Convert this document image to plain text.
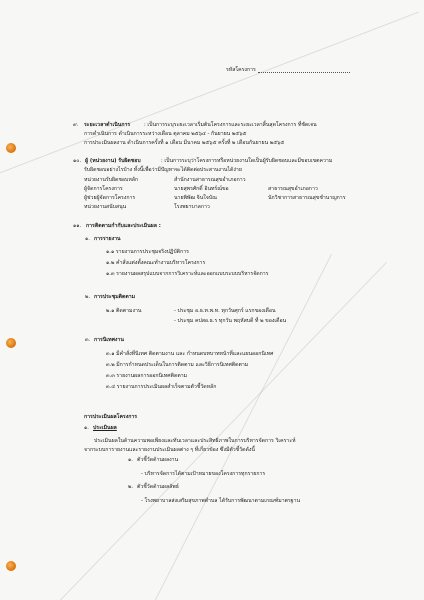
รหัสโครงการ
๙. ระยะเวลาดำเนินการ	: เป็นการระบุระยะเวลาเริ่มต้นโครงการและระยะเวลาสิ้นสุดโครงการ ที่ชัดเจน
การดำเนินการ ดำเนินการระหว่างเดือน ตุลาคม ๒๕๖๔ - กันยายน ๒๕๖๕
การประเมินผลงาน ดำเนินการครั้งที่ ๑ เดือน มีนาคม ๒๕๖๕ ครั้งที่ ๒ เดือนกันยายน ๒๕๖๕
๑๐. ผู้ (หน่วยงาน) รับผิดชอบ	: เป็นการระบุว่าโครงการหรือหน่วยงานใดเป็นผู้รับผิดชอบและมีขอบเขตความ
รับผิดชอบอย่างไรบ้าง ทั้งนี้เพื่อว่ามีปัญหาจะได้ติดต่อประสานงานได้ง่าย
หน่วยงานรับผิดชอบหลัก	สำนักงานสาธารณสุขอำเภอกาว
ผู้จัดการโครงการ	นายสุพรศักดิ์ อินทร์ณ์ขอ	สาธารณสุขอำเภอกาว
ผู้ช่วยผู้จัดการโครงการ	นายพิพัฒ จินใจบัณ	นักวิชาการสาธารณสุขชำนาญการ
หน่วยงานสนับสนุน	โรงพยาบาลกาว
๑๑. การติดตามกำกับและประเมินผล :
๑. การรายงาน
๑.๑ รายงานการประชุมจริงปฏิบัติการ
๑.๒ คำสั่งแต่งตั้งคณะทำงานบริหารโครงการ
๑.๓ รายงานผลสรุปแบบจากการวิเคราะห์และออกแบบระบบบริหารจัดการ
๒. การประชุมติดตาม
๒.๑ ติดตามงาน	- ประชุม อ.ธ.ท.พ.ท. ทุกวันศุกร์ แรกของเดือน
- ประชุม คปสอ.ธ.ร ทุกวัน พฤหัสบดี ที่ ๒ ของเดือน
๓. การนิเทศงาน
๓.๑ มีคำสั่งที่นิเทศ ติดตามงาน และ กำหนดบทบาทหน้าที่และแผนออกนิเทศ
๓.๒ มีการกำหนดประเด็นในการติดตาม และวิธีการนิเทศติดตาม
๓.๓ รายงานผลการออกนิเทศติดตาม
๓.๔ รายงานการประเมินผลสำเร็จตามตัวชี้วัดหลัก
การประเมินผลโครงการ
๑. ประเมินผล
ประเมินผลในด้านความพอเพียงและทันเวลาและประสิทธิภาพในการบริหารจัดการ วิเคราะห์
จากระบบการายงานและรายงานประเมินผลต่าง ๆ ที่เกี่ยวข้อง ซึ่งมีตัวชี้วัดดังนี้
๑. ตัวชี้วัดด้านผลงาน
- บริหารจัดการได้ตามเป้าหมายของโครงการทุกรายการ
๒. ตัวชี้วัดด้านผลลัพธ์
- โรงพยาบาลส่งเสริมสุขภาพตำบล ได้รับการพัฒนาตามเกณฑ์มาตรฐาน
